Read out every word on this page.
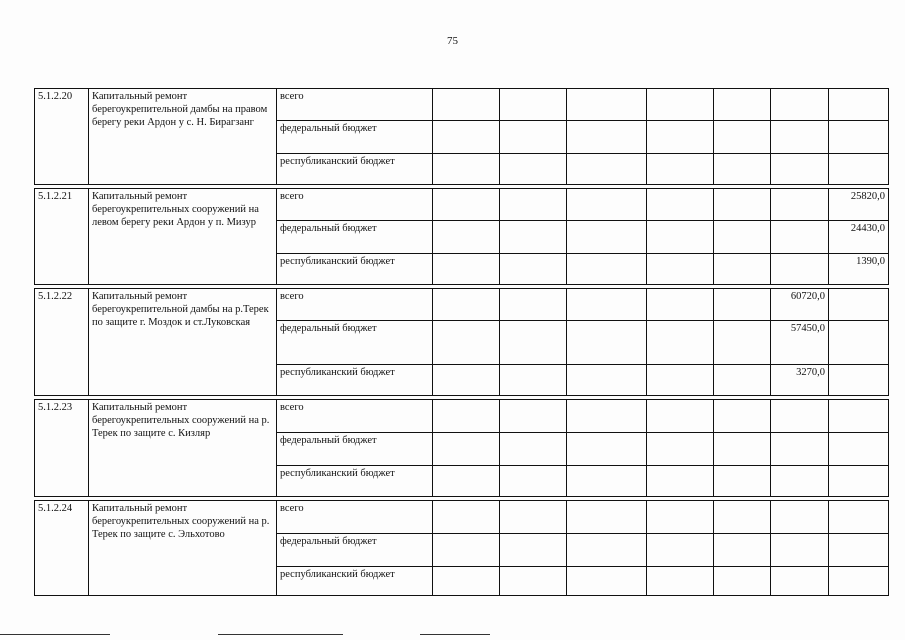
75
5.1.2.20	Капитальный ремонт берегоукрепительной дамбы на правом берегу реки Ардон у с. Н. Бирагзанг	всего								
		федеральный бюджет								
		республиканский бюджет								

5.1.2.21	Капитальный ремонт берегоукрепительных сооружений на левом берегу реки Ардон у п. Мизур	всего							25820,0	
		федеральный бюджет							24430,0	
		республиканский бюджет							1390,0	

5.1.2.22	Капитальный ремонт берегоукрепительной дамбы на р.Терек по защите г. Моздок и ст.Луковская	всего						60720,0		
		федеральный бюджет						57450,0		
		республиканский бюджет						3270,0		

5.1.2.23	Капитальный ремонт берегоукрепительных сооружений на р. Терек по защите с. Кизляр	всего								
		федеральный бюджет								
		республиканский бюджет								

5.1.2.24	Капитальный ремонт берегоукрепительных сооружений на р. Терек по защите с. Эльхотово	всего								
		федеральный бюджет								
		республиканский бюджет								
